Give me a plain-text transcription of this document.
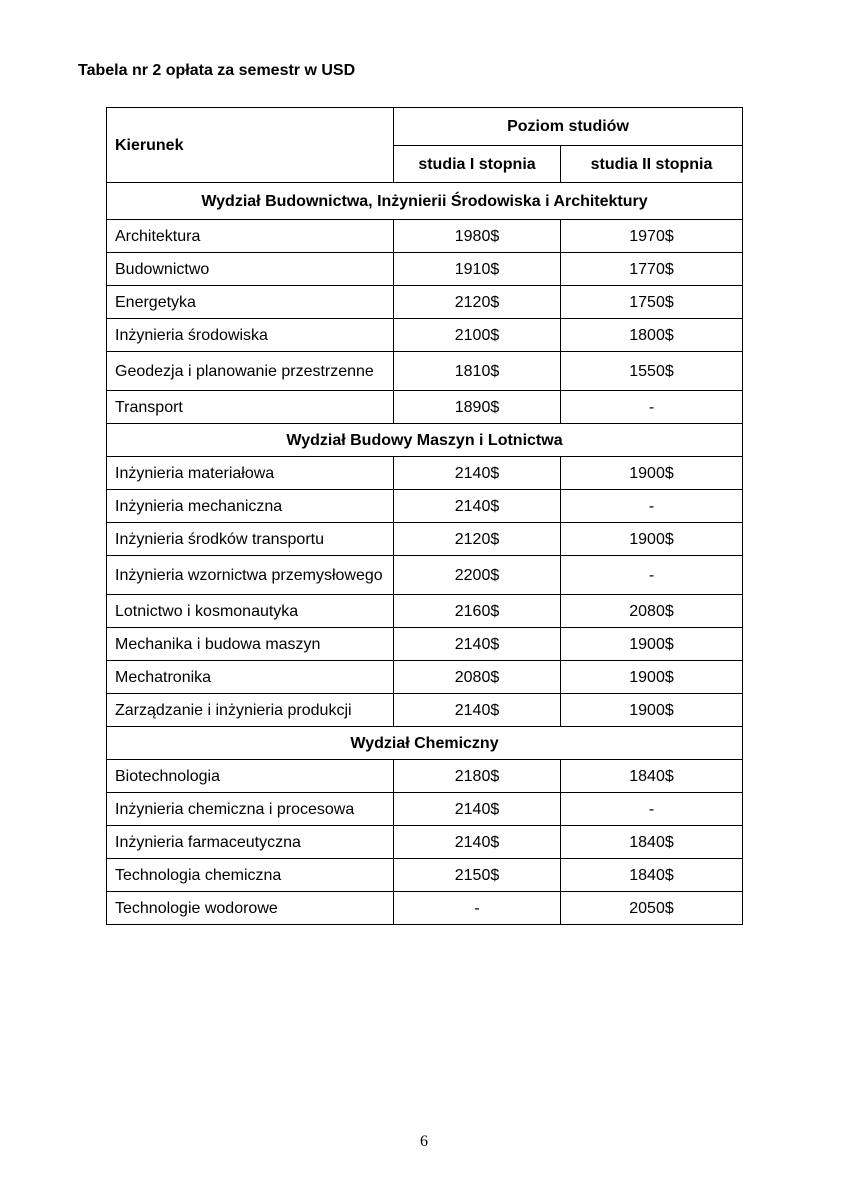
Tabela nr 2 opłata za semestr w USD
Kierunek	Poziom studiów	
	studia I stopnia	studia II stopnia
Wydział Budownictwa, Inżynierii Środowiska i Architektury		
Architektura	1980$	1970$
Budownictwo	1910$	1770$
Energetyka	2120$	1750$
Inżynieria środowiska	2100$	1800$
Geodezja i planowanie przestrzenne	1810$	1550$
Transport	1890$	-
Wydział Budowy Maszyn i Lotnictwa		
Inżynieria materiałowa	2140$	1900$
Inżynieria mechaniczna	2140$	-
Inżynieria środków transportu	2120$	1900$
Inżynieria wzornictwa przemysłowego	2200$	-
Lotnictwo i kosmonautyka	2160$	2080$
Mechanika i budowa maszyn	2140$	1900$
Mechatronika	2080$	1900$
Zarządzanie i inżynieria produkcji	2140$	1900$
Wydział Chemiczny		
Biotechnologia	2180$	1840$
Inżynieria chemiczna i procesowa	2140$	-
Inżynieria farmaceutyczna	2140$	1840$
Technologia chemiczna	2150$	1840$
Technologie wodorowe	-	2050$
6
